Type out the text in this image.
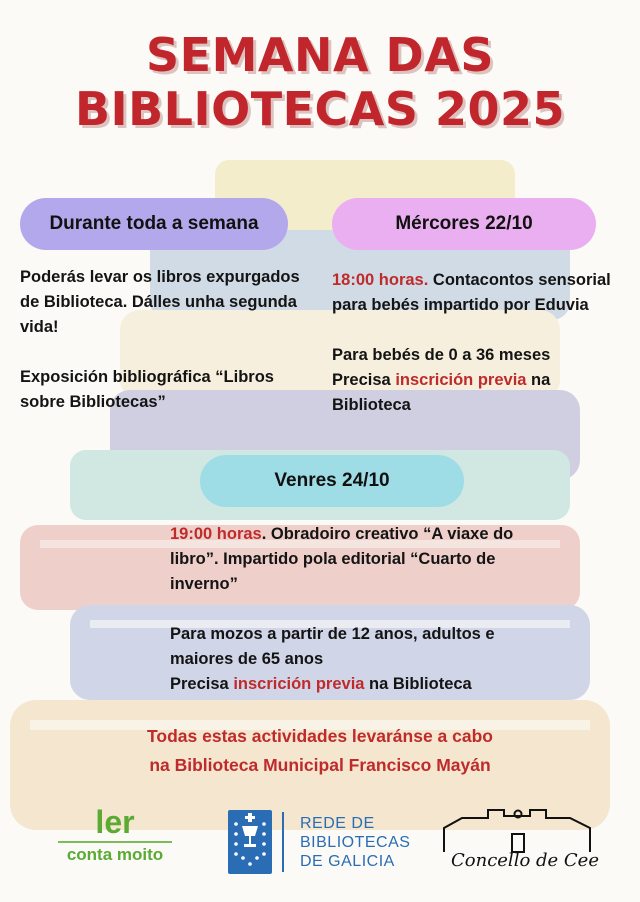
SEMANA DAS
BIBLIOTECAS 2025
Durante toda a semana

Poderás levar os libros expurgados de Biblioteca. Dálles unha segunda vida!

Exposición bibliográfica “Libros sobre Bibliotecas”

Mércores 22/10

18:00 horas. Contacontos sensorial para bebés impartido por Eduvia

Para bebés de 0 a 36 meses

Precisa inscrición previa na Biblioteca

Venres 24/10

19:00 horas. Obradoiro creativo “A viaxe do libro”. Impartido pola editorial “Cuarto de inverno”

Para mozos a partir de 12 anos, adultos e maiores de 65 anos

Precisa inscrición previa na Biblioteca

Todas estas actividades levaránse a cabo
na Biblioteca Municipal Francisco Mayán
ler
conta moito
REDE DE
BIBLIOTECAS
DE GALICIA	Concello de Cee
